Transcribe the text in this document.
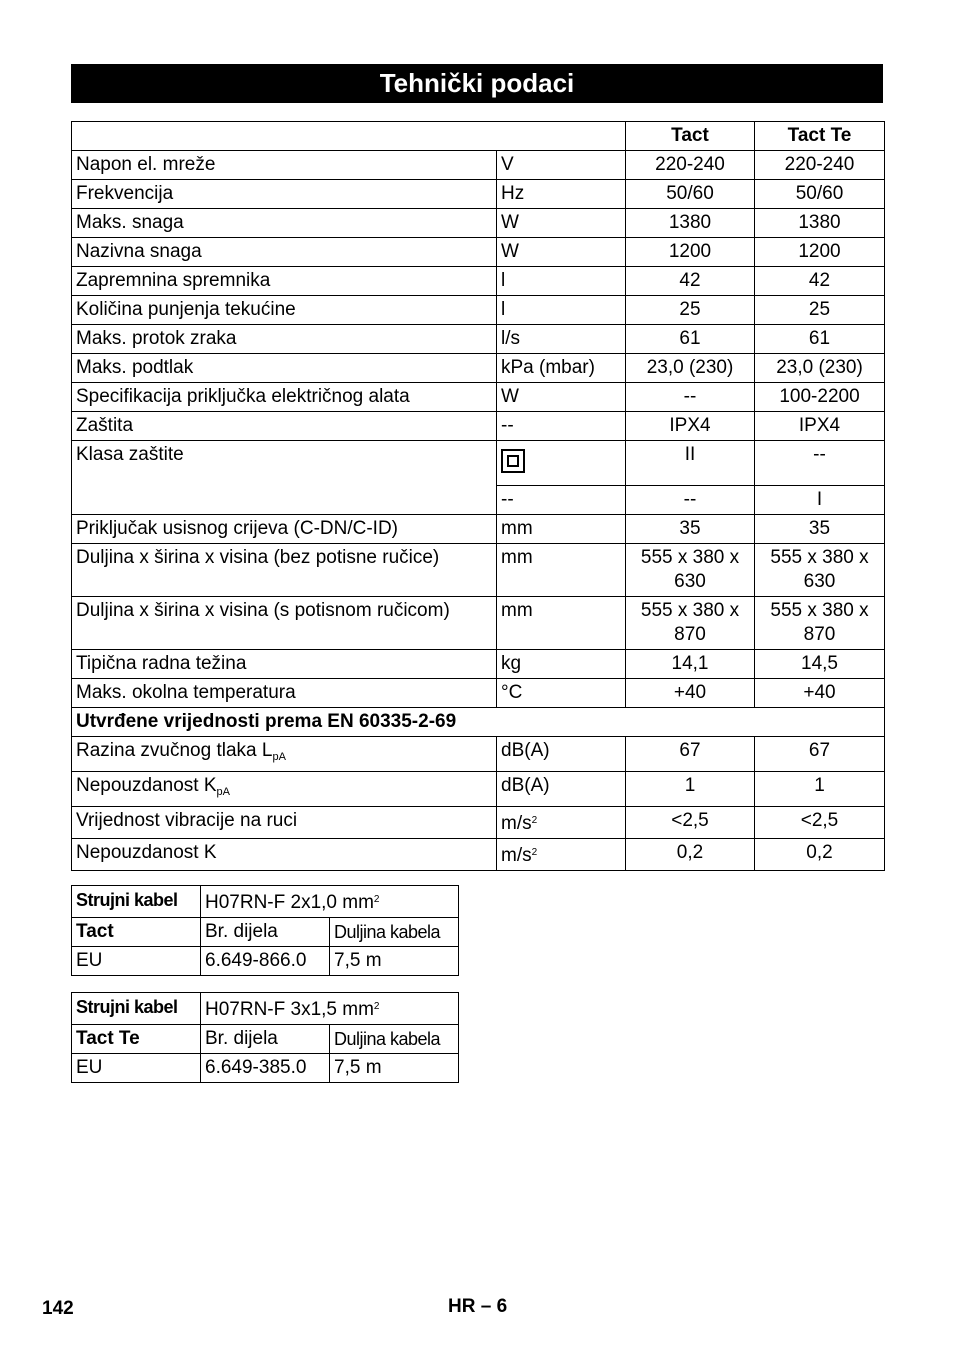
Tehnički podaci
		Tact	Tact Te
Napon el. mreže	V	220-240	220-240
Frekvencija	Hz	50/60	50/60
Maks. snaga	W	1380	1380
Nazivna snaga	W	1200	1200
Zapremnina spremnika	l	42	42
Količina punjenja tekućine	l	25	25
Maks. protok zraka	l/s	61	61
Maks. podtlak	kPa (mbar)	23,0 (230)	23,0 (230)
Specifikacija priključka električnog alata	W	--	100-2200
Zaštita	--	IPX4	IPX4
Klasa zaštite		II	--
	--	--	I
Priključak usisnog crijeva (C-DN/C-ID)	mm	35	35
Duljina x širina x visina (bez potisne ručice)	mm	555 x 380 x 630	555 x 380 x 630
Duljina x širina x visina (s potisnom ručicom)	mm	555 x 380 x 870	555 x 380 x 870
Tipična radna težina	kg	14,1	14,5
Maks. okolna temperatura	°C	+40	+40
Utvrđene vrijednosti prema EN 60335-2-69			
Razina zvučnog tlaka $L_{pA}$	dB(A)	67	67
Nepouzdanost $K_{pA}$	dB(A)	1	1
Vrijednost vibracije na ruci	$m/s^2$	<2,5	<2,5
Nepouzdanost K	$m/s^2$	0,2	0,2
Strujni kabel	H07RN-F 2x1,0 $mm^2$
Tact	Br. dijela	Duljina kabela
EU	6.649-866.0	7,5 m
Strujni kabel	H07RN-F 3x1,5 $mm^2$
Tact Te	Br. dijela	Duljina kabela
EU	6.649-385.0	7,5 m
142	HR – 6
